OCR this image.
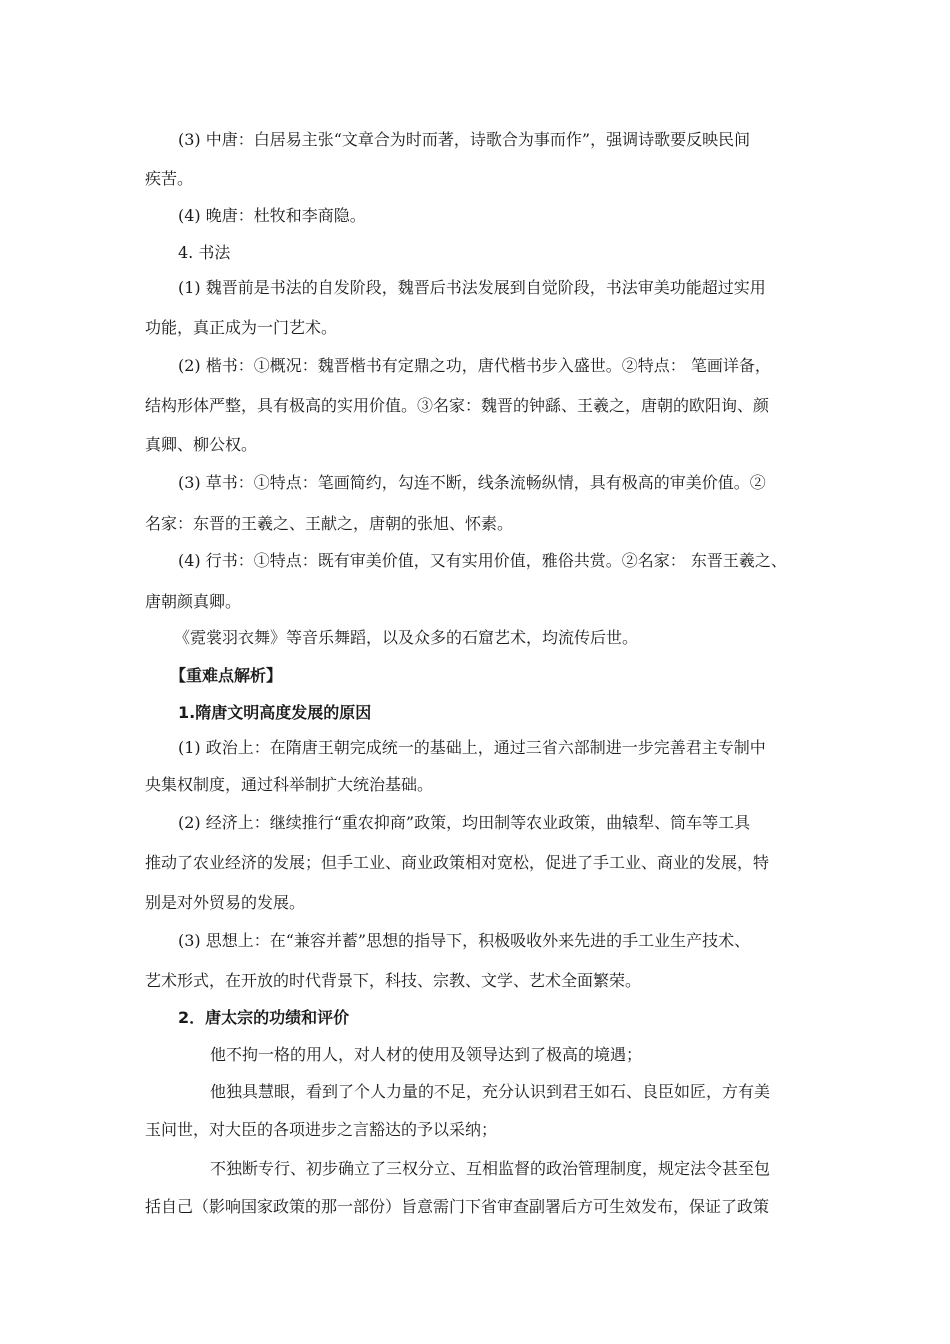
(3) 中唐：白居易主张“文章合为时而著，诗歌合为事而作”，强调诗歌要反映民间
疾苦。
(4) 晚唐：杜牧和李商隐。
4. 书法
(1) 魏晋前是书法的自发阶段，魏晋后书法发展到自觉阶段，书法审美功能超过实用
功能，真正成为一门艺术。
(2) 楷书：①概况：魏晋楷书有定鼎之功，唐代楷书步入盛世。②特点： 笔画详备，
结构形体严整，具有极高的实用价值。③名家：魏晋的钟繇、王羲之，唐朝的欧阳询、颜
真卿、柳公权。
(3) 草书：①特点：笔画简约，勾连不断，线条流畅纵情，具有极高的审美价值。②
名家：东晋的王羲之、王献之，唐朝的张旭、怀素。
(4) 行书：①特点：既有审美价值，又有实用价值，雅俗共赏。②名家： 东晋王羲之、
唐朝颜真卿。
《霓裳羽衣舞》等音乐舞蹈，以及众多的石窟艺术，均流传后世。
【重难点解析】
1.隋唐文明高度发展的原因
(1) 政治上：在隋唐王朝完成统一的基础上，通过三省六部制进一步完善君主专制中
央集权制度，通过科举制扩大统治基础。
(2) 经济上：继续推行“重农抑商”政策，均田制等农业政策，曲辕犁、筒车等工具
推动了农业经济的发展；但手工业、商业政策相对宽松，促进了手工业、商业的发展，特
别是对外贸易的发展。
(3) 思想上：在“兼容并蓄”思想的指导下，积极吸收外来先进的手工业生产技术、
艺术形式，在开放的时代背景下，科技、宗教、文学、艺术全面繁荣。
2．唐太宗的功绩和评价
他不拘一格的用人，对人材的使用及领导达到了极高的境遇；
他独具慧眼，看到了个人力量的不足，充分认识到君王如石、良臣如匠，方有美
玉问世，对大臣的各项进步之言豁达的予以采纳；
不独断专行、初步确立了三权分立、互相监督的政治管理制度，规定法令甚至包
括自己（影响国家政策的那一部份）旨意需门下省审查副署后方可生效发布，保证了政策
